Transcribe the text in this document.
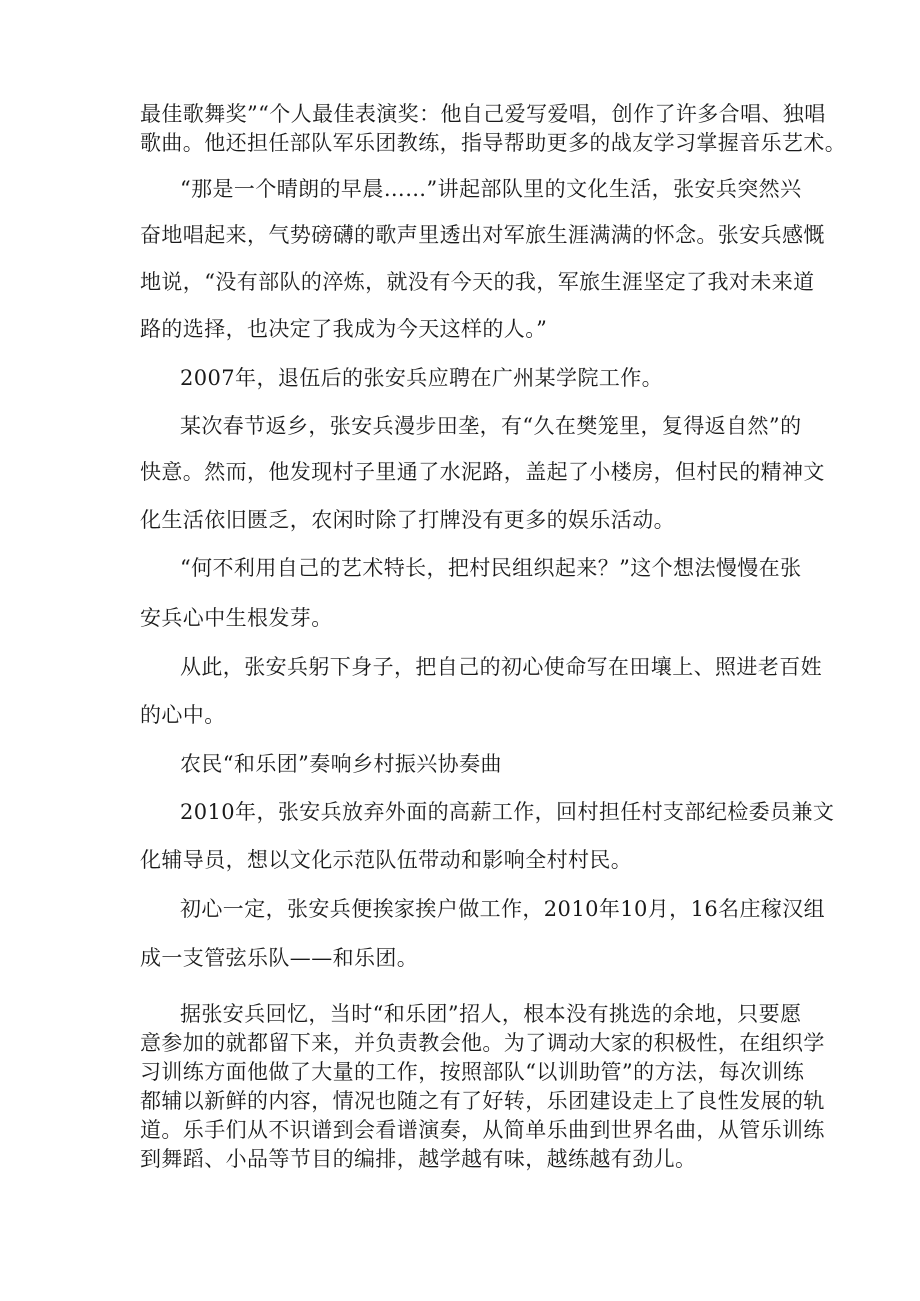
最佳歌舞奖”“个人最佳表演奖：他自己爱写爱唱，创作了许多合唱、独唱

歌曲。他还担任部队军乐团教练，指导帮助更多的战友学习掌握音乐艺术。

“那是一个晴朗的早晨……”讲起部队里的文化生活，张安兵突然兴

奋地唱起来，气势磅礴的歌声里透出对军旅生涯满满的怀念。张安兵感慨

地说，“没有部队的淬炼，就没有今天的我，军旅生涯坚定了我对未来道

路的选择，也决定了我成为今天这样的人。”

2007年，退伍后的张安兵应聘在广州某学院工作。

某次春节返乡，张安兵漫步田垄，有“久在樊笼里，复得返自然”的

快意。然而，他发现村子里通了水泥路，盖起了小楼房，但村民的精神文

化生活依旧匮乏，农闲时除了打牌没有更多的娱乐活动。

“何不利用自己的艺术特长，把村民组织起来？”这个想法慢慢在张

安兵心中生根发芽。

从此，张安兵躬下身子，把自己的初心使命写在田壤上、照进老百姓

的心中。

农民“和乐团”奏响乡村振兴协奏曲

2010年，张安兵放弃外面的高薪工作，回村担任村支部纪检委员兼文

化辅导员，想以文化示范队伍带动和影响全村村民。

初心一定，张安兵便挨家挨户做工作，2010年10月，16名庄稼汉组

成一支管弦乐队——和乐团。

据张安兵回忆，当时“和乐团”招人，根本没有挑选的余地，只要愿

意参加的就都留下来，并负责教会他。为了调动大家的积极性，在组织学

习训练方面他做了大量的工作，按照部队“以训助管”的方法，每次训练

都辅以新鲜的内容，情况也随之有了好转，乐团建设走上了良性发展的轨

道。乐手们从不识谱到会看谱演奏，从简单乐曲到世界名曲，从管乐训练

到舞蹈、小品等节目的编排，越学越有味，越练越有劲儿。
